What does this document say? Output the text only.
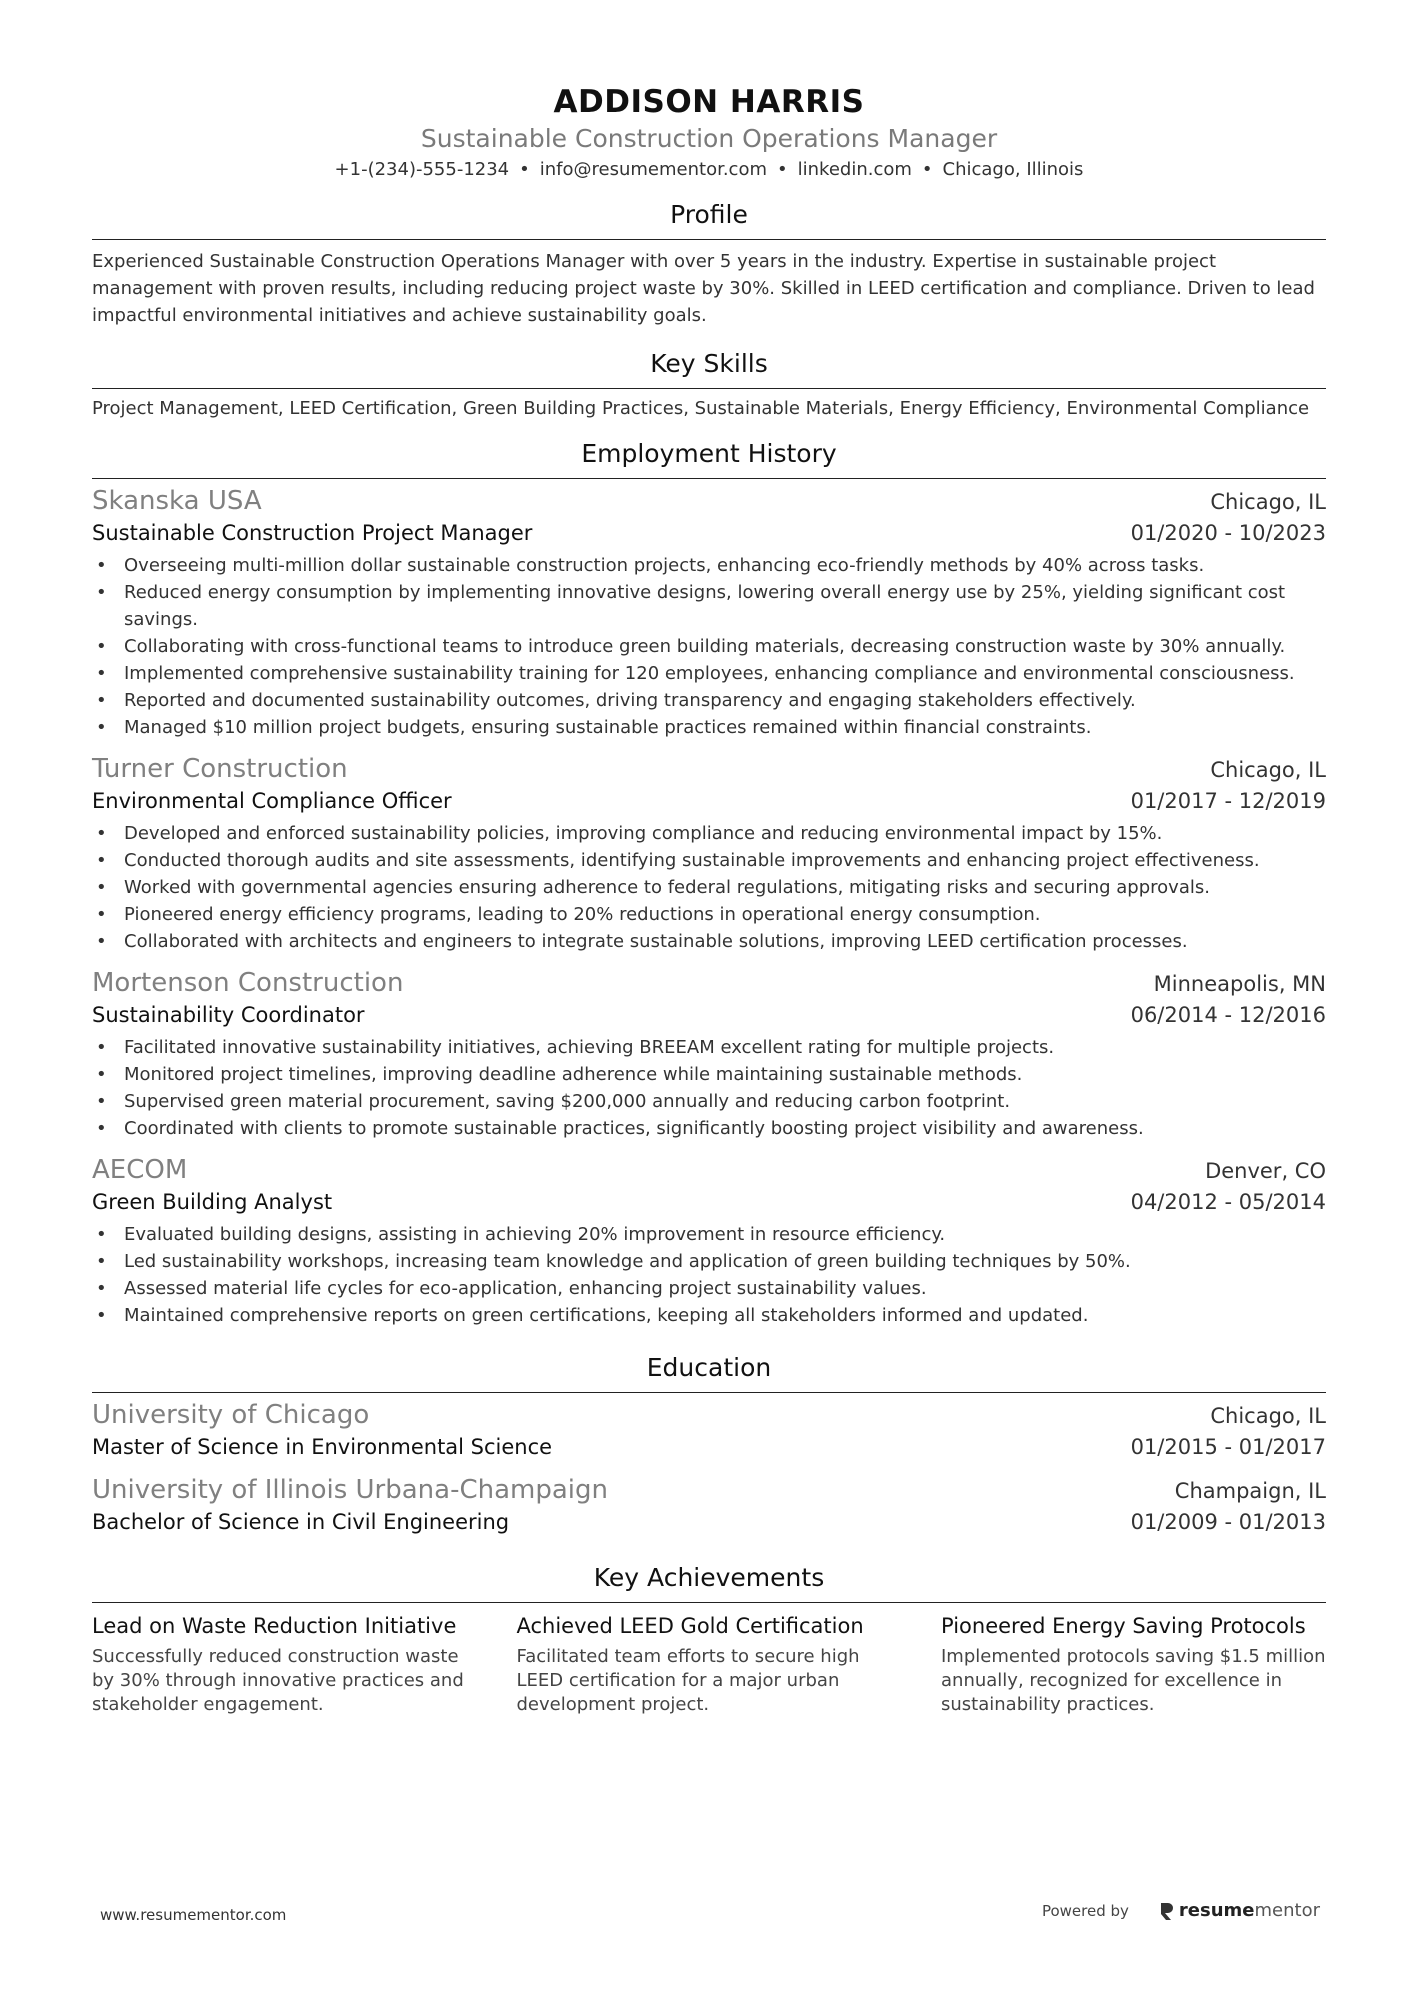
ADDISON HARRIS
Sustainable Construction Operations Manager
+1-(234)-555-1234 • info@resumementor.com • linkedin.com • Chicago, Illinois
Profile
Experienced Sustainable Construction Operations Manager with over 5 years in the industry. Expertise in sustainable project management with proven results, including reducing project waste by 30%. Skilled in LEED certification and compliance. Driven to lead impactful environmental initiatives and achieve sustainability goals.
Key Skills
Project Management, LEED Certification, Green Building Practices, Sustainable Materials, Energy Efficiency, Environmental Compliance
Employment History
Skanska USA	Chicago, IL
Sustainable Construction Project Manager	01/2020 - 10/2023
• Overseeing multi-million dollar sustainable construction projects, enhancing eco-friendly methods by 40% across tasks.
• Reduced energy consumption by implementing innovative designs, lowering overall energy use by 25%, yielding significant cost savings.
• Collaborating with cross-functional teams to introduce green building materials, decreasing construction waste by 30% annually.
• Implemented comprehensive sustainability training for 120 employees, enhancing compliance and environmental consciousness.
• Reported and documented sustainability outcomes, driving transparency and engaging stakeholders effectively.
• Managed $10 million project budgets, ensuring sustainable practices remained within financial constraints.
Turner Construction	Chicago, IL
Environmental Compliance Officer	01/2017 - 12/2019
• Developed and enforced sustainability policies, improving compliance and reducing environmental impact by 15%.
• Conducted thorough audits and site assessments, identifying sustainable improvements and enhancing project effectiveness.
• Worked with governmental agencies ensuring adherence to federal regulations, mitigating risks and securing approvals.
• Pioneered energy efficiency programs, leading to 20% reductions in operational energy consumption.
• Collaborated with architects and engineers to integrate sustainable solutions, improving LEED certification processes.
Mortenson Construction	Minneapolis, MN
Sustainability Coordinator	06/2014 - 12/2016
• Facilitated innovative sustainability initiatives, achieving BREEAM excellent rating for multiple projects.
• Monitored project timelines, improving deadline adherence while maintaining sustainable methods.
• Supervised green material procurement, saving $200,000 annually and reducing carbon footprint.
• Coordinated with clients to promote sustainable practices, significantly boosting project visibility and awareness.
AECOM	Denver, CO
Green Building Analyst	04/2012 - 05/2014
• Evaluated building designs, assisting in achieving 20% improvement in resource efficiency.
• Led sustainability workshops, increasing team knowledge and application of green building techniques by 50%.
• Assessed material life cycles for eco-application, enhancing project sustainability values.
• Maintained comprehensive reports on green certifications, keeping all stakeholders informed and updated.
Education
University of Chicago	Chicago, IL
Master of Science in Environmental Science	01/2015 - 01/2017
University of Illinois Urbana-Champaign	Champaign, IL
Bachelor of Science in Civil Engineering	01/2009 - 01/2013
Key Achievements
Lead on Waste Reduction Initiative
Successfully reduced construction waste by 30% through innovative practices and stakeholder engagement.
Achieved LEED Gold Certification
Facilitated team efforts to secure high LEED certification for a major urban development project.
Pioneered Energy Saving Protocols
Implemented protocols saving $1.5 million annually, recognized for excellence in sustainability practices.
www.resumementor.com	Powered by	resume mentor
